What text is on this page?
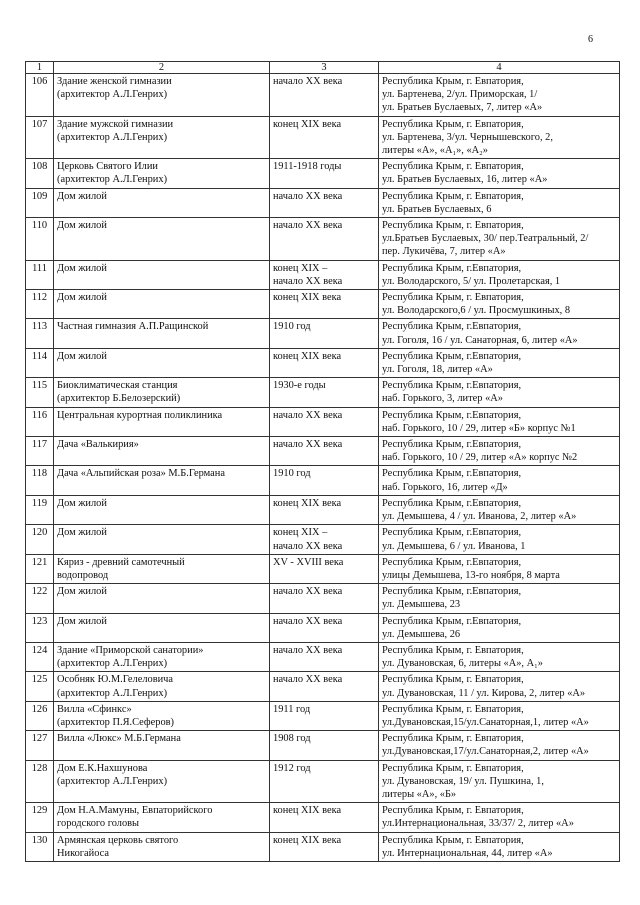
6
1	2	3	4
106	Здание женской гимназии
(архитектор А.Л.Генрих)	начало XX века	Республика Крым, г. Евпатория,
ул. Бартенева, 2/ул. Приморская, 1/
ул. Братьев Буслаевых, 7, литер «А»

107	Здание мужской гимназии
(архитектор А.Л.Генрих)	конец XIX века	Республика Крым, г. Евпатория,
ул. Бартенева, 3/ул. Чернышевского, 2,
литеры «А», «А₁», «А₂»

108	Церковь Святого Илии
(архитектор А.Л.Генрих)	1911-1918 годы	Республика Крым, г. Евпатория,
ул. Братьев Буслаевых, 16, литер «А»

109	Дом жилой	начало XX века	Республика Крым, г. Евпатория,
ул. Братьев Буслаевых, 6

110	Дом жилой	начало XX века	Республика Крым, г. Евпатория,
ул.Братьев Буслаевых, 30/ пер.Театральный, 2/
пер. Лукичёва, 7, литер «А»

111	Дом жилой	конец XIX –
начало XX века	Республика Крым, г.Евпатория,
ул. Володарского, 5/ ул. Пролетарская, 1

112	Дом жилой	конец XIX века	Республика Крым, г. Евпатория,
ул. Володарского,6 / ул. Просмушкиных, 8

113	Частная гимназия А.П.Ращинской	1910 год	Республика Крым, г.Евпатория,
ул. Гоголя, 16 / ул. Санаторная, 6, литер «А»

114	Дом жилой	конец XIX века	Республика Крым, г.Евпатория,
ул. Гоголя, 18, литер «А»

115	Биоклиматическая станция
(архитектор Б.Белозерский)	1930-е годы	Республика Крым, г.Евпатория,
наб. Горького, 3, литер «А»

116	Центральная курортная поликлиника	начало XX века	Республика Крым, г.Евпатория,
наб. Горького, 10 / 29, литер «Б» корпус №1

117	Дача «Валькирия»	начало XX века	Республика Крым, г.Евпатория,
наб. Горького, 10 / 29, литер «А» корпус №2

118	Дача «Альпийская роза» М.Б.Германа	1910 год	Республика Крым, г.Евпатория,
наб. Горького, 16, литер «Д»

119	Дом жилой	конец XIX века	Республика Крым, г.Евпатория,
ул. Демышева, 4 / ул. Иванова, 2, литер «А»

120	Дом жилой	конец XIX –
начало XX века	Республика Крым, г.Евпатория,
ул. Демышева, 6 / ул. Иванова, 1

121	Кяриз - древний самотечный
водопровод	XV - XVIII века	Республика Крым, г.Евпатория,
улицы Демышева, 13-го ноября, 8 марта

122	Дом жилой	начало XX века	Республика Крым, г.Евпатория,
ул. Демышева, 23

123	Дом жилой	начало XX века	Республика Крым, г.Евпатория,
ул. Демышева, 26

124	Здание «Приморской санатории»
(архитектор А.Л.Генрих)	начало XX века	Республика Крым, г. Евпатория,
ул. Дувановская, 6, литеры «А», А₁»

125	Особняк Ю.М.Гелеловича
(архитектор А.Л.Генрих)	начало XX века	Республика Крым, г. Евпатория,
ул. Дувановская, 11 / ул. Кирова, 2, литер «А»

126	Вилла «Сфинкс»
(архитектор П.Я.Сеферов)	1911 год	Республика Крым, г. Евпатория,
ул.Дувановская,15/ул.Санаторная,1, литер «А»

127	Вилла «Люкс» М.Б.Германа	1908 год	Республика Крым, г. Евпатория,
ул.Дувановская,17/ул.Санаторная,2, литер «А»

128	Дом Е.К.Нахшунова
(архитектор А.Л.Генрих)	1912 год	Республика Крым, г. Евпатория,
ул. Дувановская, 19/ ул. Пушкина, 1,
литеры «А», «Б»

129	Дом Н.А.Мамуны, Евпаторийского
городского головы	конец XIX века	Республика Крым, г. Евпатория,
ул.Интернациональная, 33/37/ 2, литер «А»

130	Армянская церковь святого
Никогайоса	конец XIX века	Республика Крым, г. Евпатория,
ул. Интернациональная, 44, литер «А»
